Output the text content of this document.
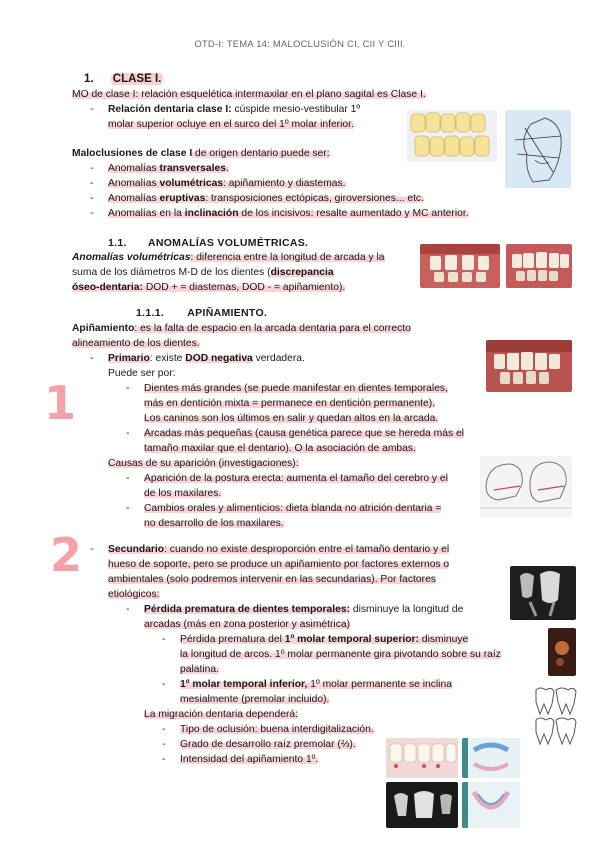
OTD-I: TEMA 14: MALOCLUSIÓN CI, CII Y CIII.
1
2
1. CLASE I.
MO de clase I: relación esquelética intermaxilar en el plano sagital es Clase I.
- Relación dentaria clase I: cúspide mesio-vestibular 1º
molar superior ocluye en el surco del 1º molar inferior.
Maloclusiones de clase I de origen dentario puede ser:
- Anomalías transversales.
- Anomalías volumétricas: apiñamiento y diastemas.
- Anomalías eruptivas: transposiciones ectópicas, giroversiones... etc.
- Anomalías en la inclinación de los incisivos: resalte aumentado y MC anterior.
1.1. ANOMALÍAS VOLUMÉTRICAS.
Anomalías volumétricas: diferencia entre la longitud de arcada y la
suma de los diámetros M-D de los dientes (discrepancia
óseo-dentaria: DOD + = diastemas, DOD - = apiñamiento).
1.1.1. APIÑAMIENTO.
Apiñamiento: es la falta de espacio en la arcada dentaria para el correcto
alineamiento de los dientes.
- Primario: existe DOD negativa verdadera.
Puede ser por:
- Dientes más grandes (se puede manifestar en dientes temporales,
más en dentición mixta = permanece en dentición permanente).
Los caninos son los últimos en salir y quedan altos en la arcada.
- Arcadas más pequeñas (causa genética parece que se hereda más el
tamaño maxilar que el dentario). O la asociación de ambas.
Causas de su aparición (investigaciones):
- Aparición de la postura erecta: aumenta el tamaño del cerebro y el
de los maxilares.
- Cambios orales y alimenticios: dieta blanda no atrición dentaria =
no desarrollo de los maxilares.
- Secundario: cuando no existe desproporción entre el tamaño dentario y el
hueso de soporte, pero se produce un apiñamiento por factores externos o
ambientales (solo podremos intervenir en las secundarias). Por factores
etiológicos:
- Pérdida prematura de dientes temporales: disminuye la longitud de
arcadas (más en zona posterior y asimétrica)
- Pérdida prematura del 1º molar temporal superior: disminuye
la longitud de arcos. 1º molar permanente gira pivotando sobre su raíz
palatina.
- 1º molar temporal inferior, 1º molar permanente se inclina
mesialmente (premolar incluido).
La migración dentaria dependerá:
- Tipo de oclusión: buena interdigitalización.
- Grado de desarrollo raíz premolar (⅔).
- Intensidad del apiñamiento 1º.
